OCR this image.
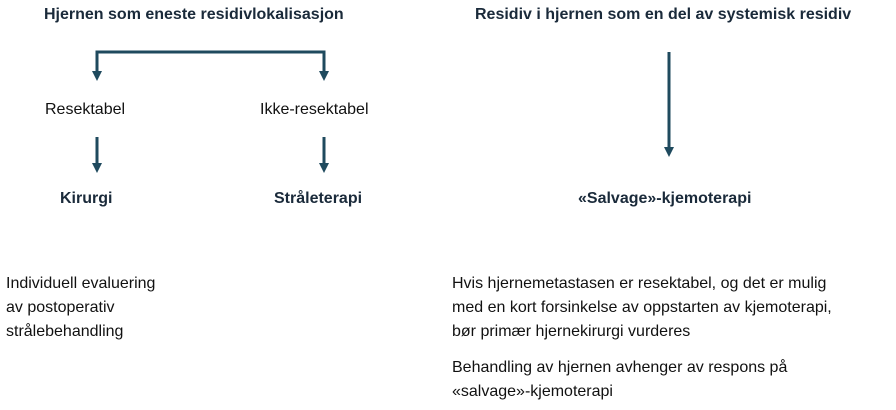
Hjernen som eneste residivlokalisasjon
Resektabel	Ikke-resektabel
Kirurgi	Stråleterapi
Individuell evaluering
av postoperativ
strålebehandling
Residiv i hjernen som en del av systemisk residiv
«Salvage»-kjemoterapi
Hvis hjernemetastasen er resektabel, og det er mulig
med en kort forsinkelse av oppstarten av kjemoterapi,
bør primær hjernekirurgi vurderes
Behandling av hjernen avhenger av respons på
«salvage»-kjemoterapi
